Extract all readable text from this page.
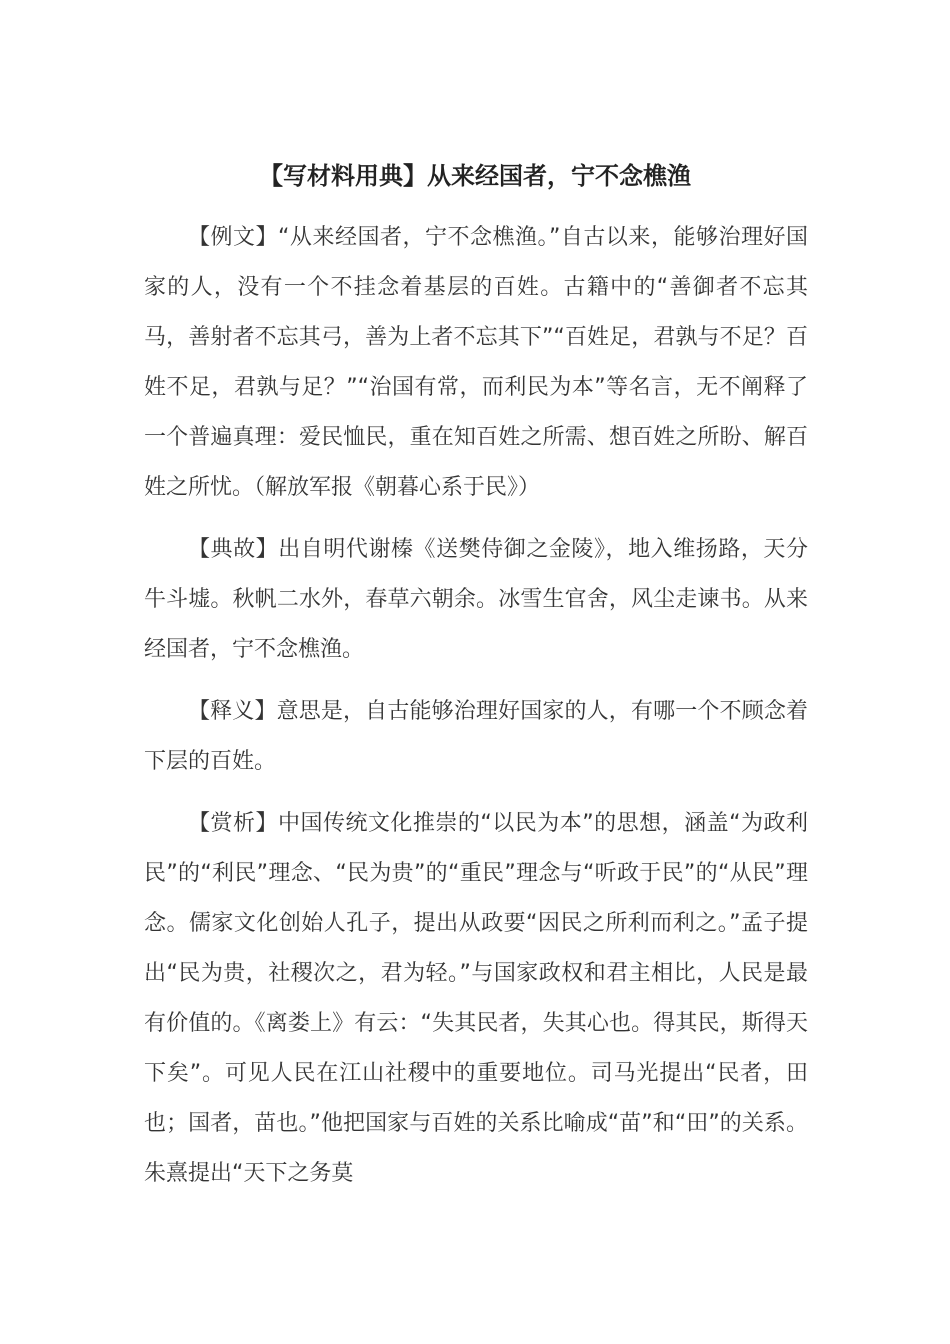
【写材料用典】从来经国者，宁不念樵渔

【例文】“从来经国者，宁不念樵渔。”自古以来，能够治理好国家的人，没有一个不挂念着基层的百姓。古籍中的“善御者不忘其马，善射者不忘其弓，善为上者不忘其下”“百姓足，君孰与不足？百姓不足，君孰与足？”“治国有常，而利民为本”等名言，无不阐释了一个普遍真理：爱民恤民，重在知百姓之所需、想百姓之所盼、解百姓之所忧。（解放军报《朝暮心系于民》）

【典故】出自明代谢榛《送樊侍御之金陵》，地入维扬路，天分牛斗墟。秋帆二水外，春草六朝余。冰雪生官舍，风尘走谏书。从来经国者，宁不念樵渔。

【释义】意思是，自古能够治理好国家的人，有哪一个不顾念着下层的百姓。

【赏析】中国传统文化推崇的“以民为本”的思想，涵盖“为政利民”的“利民”理念、“民为贵”的“重民”理念与“听政于民”的“从民”理念。儒家文化创始人孔子，提出从政要“因民之所利而利之。”孟子提出“民为贵，社稷次之，君为轻。”与国家政权和君主相比，人民是最有价值的。《离娄上》有云：“失其民者，失其心也。得其民，斯得天下矣”。可见人民在江山社稷中的重要地位。司马光提出“民者，田也；国者，苗也。”他把国家与百姓的关系比喻成“苗”和“田”的关系。朱熹提出“天下之务莫
